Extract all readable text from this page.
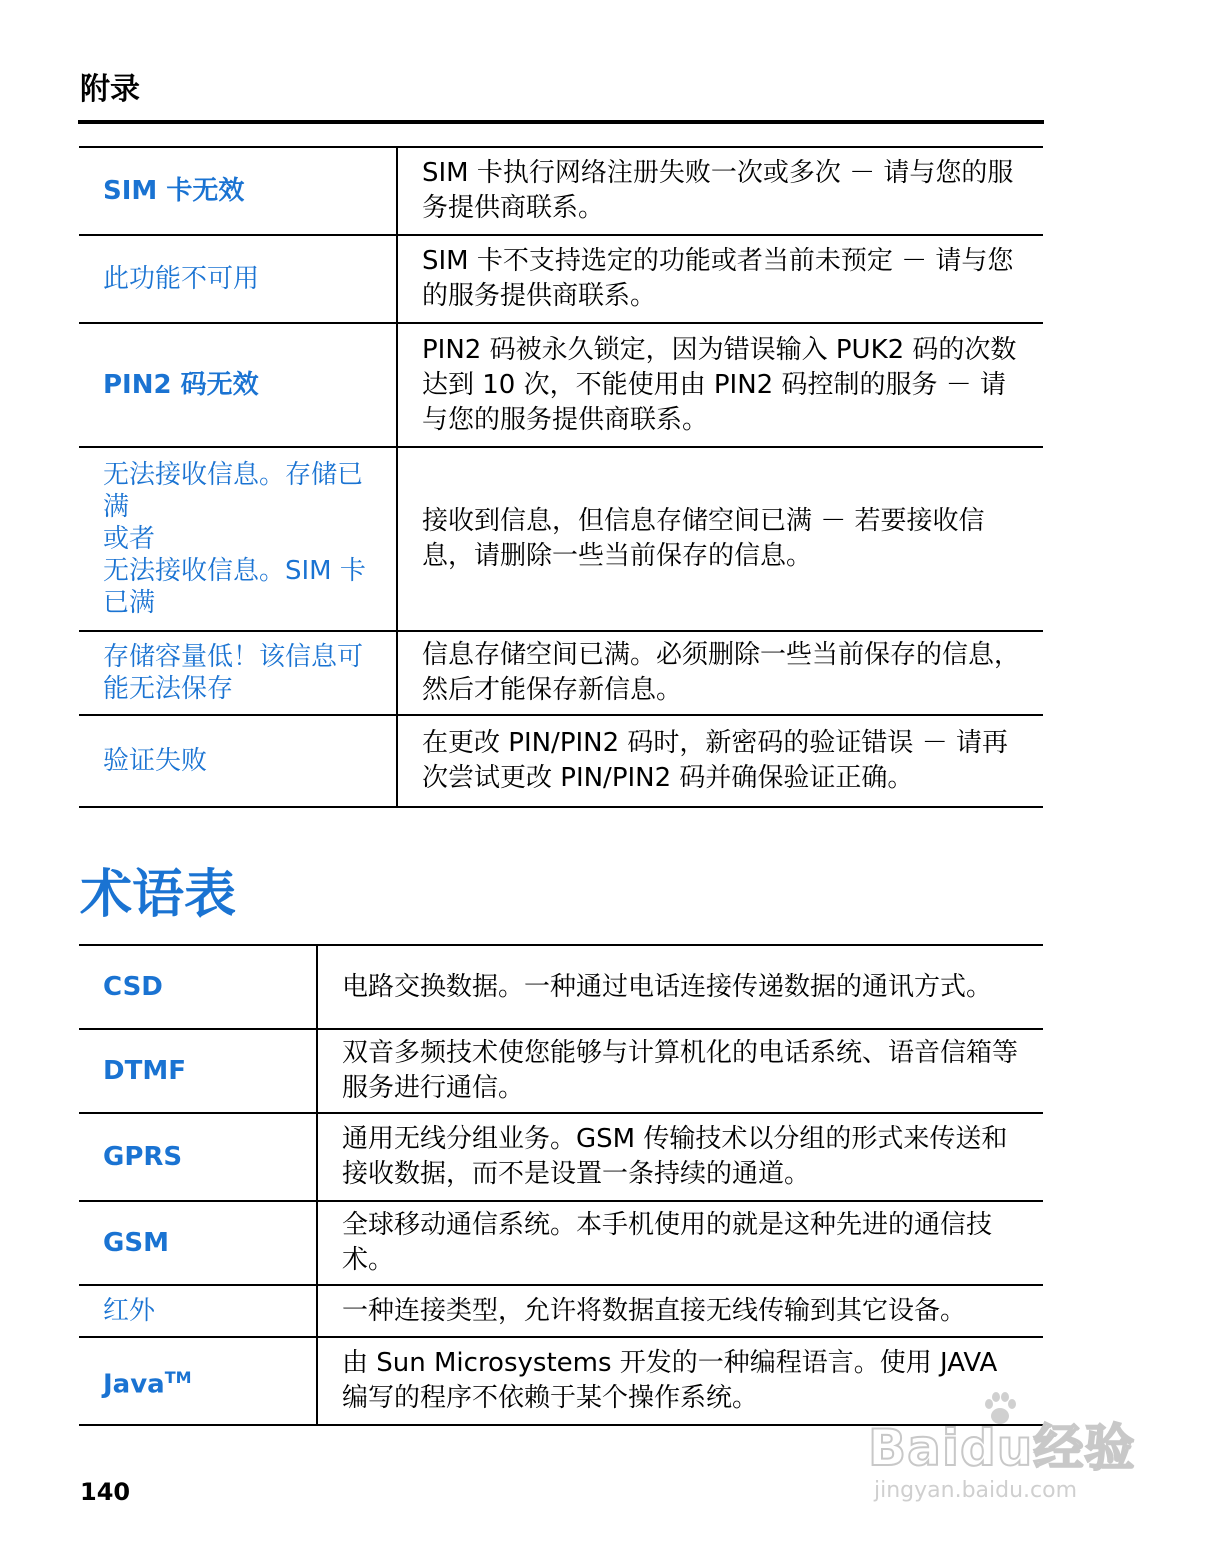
附录
SIM 卡无效	SIM 卡执行网络注册失败一次或多次 － 请与您的服务提供商联系。
此功能不可用	SIM 卡不支持选定的功能或者当前未预定 － 请与您的服务提供商联系。
PIN2 码无效	PIN2 码被永久锁定，因为错误输入 PUK2 码的次数达到 10 次，不能使用由 PIN2 码控制的服务 － 请与您的服务提供商联系。

无法接收信息。存储已满
或者
无法接收信息。SIM 卡已满	接收到信息，但信息存储空间已满 － 若要接收信息，请删除一些当前保存的信息。
存储容量低！该信息可能无法保存	信息存储空间已满。必须删除一些当前保存的信息，然后才能保存新信息。
验证失败	在更改 PIN/PIN2 码时，新密码的验证错误 － 请再次尝试更改 PIN/PIN2 码并确保验证正确。
术语表
CSD	电路交换数据。一种通过电话连接传递数据的通讯方式。
DTMF	双音多频技术使您能够与计算机化的电话系统、语音信箱等服务进行通信。
GPRS	通用无线分组业务。GSM 传输技术以分组的形式来传送和接收数据，而不是设置一条持续的通道。
GSM	全球移动通信系统。本手机使用的就是这种先进的通信技术。
红外	一种连接类型，允许将数据直接无线传输到其它设备。
Java™	由 Sun Microsystems 开发的一种编程语言。使用 JAVA 编写的程序不依赖于某个操作系统。
140
Baidu经验
jingyan.baidu.com
